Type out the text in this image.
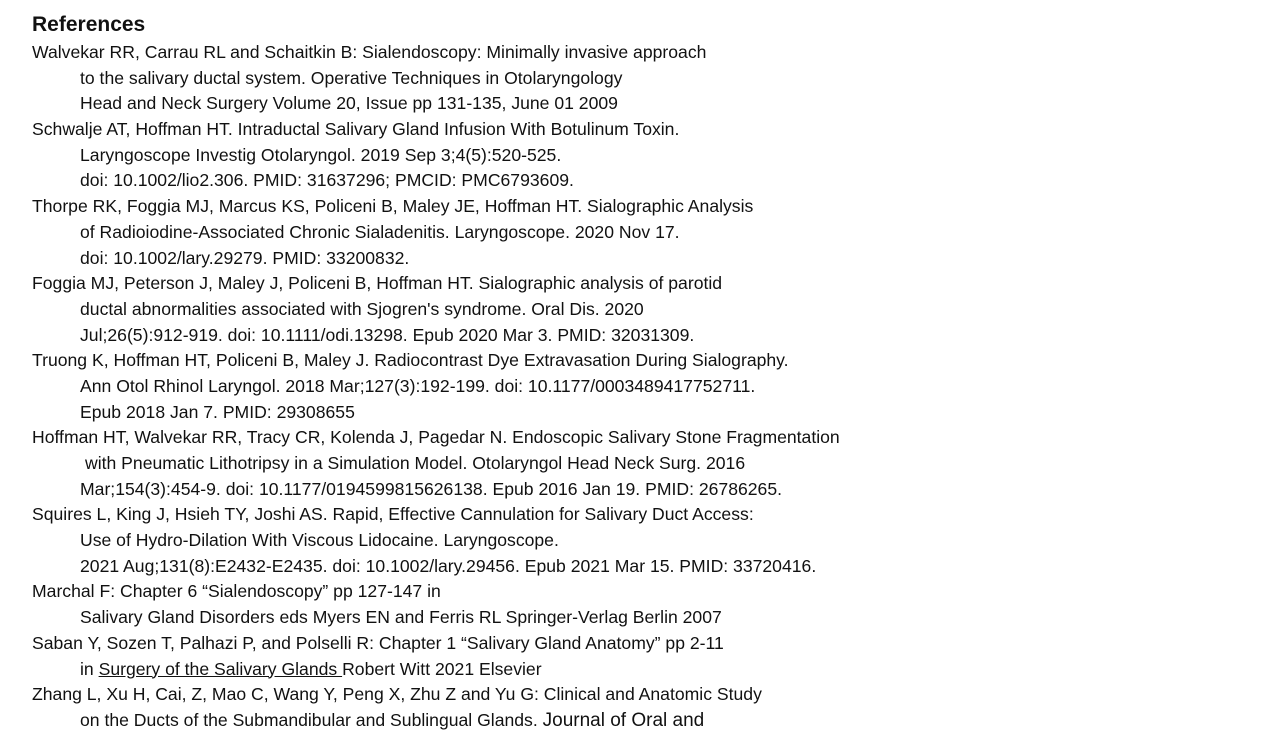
References
Walvekar RR, Carrau RL and Schaitkin B: Sialendoscopy: Minimally invasive approach
to the salivary ductal system. Operative Techniques in Otolaryngology
Head and Neck Surgery Volume 20, Issue pp 131-135, June 01 2009
Schwalje AT, Hoffman HT. Intraductal Salivary Gland Infusion With Botulinum Toxin.
Laryngoscope Investig Otolaryngol. 2019 Sep 3;4(5):520-525.
doi: 10.1002/lio2.306. PMID: 31637296; PMCID: PMC6793609.
Thorpe RK, Foggia MJ, Marcus KS, Policeni B, Maley JE, Hoffman HT. Sialographic Analysis
of Radioiodine-Associated Chronic Sialadenitis. Laryngoscope. 2020 Nov 17.
doi: 10.1002/lary.29279. PMID: 33200832.
Foggia MJ, Peterson J, Maley J, Policeni B, Hoffman HT. Sialographic analysis of parotid
ductal abnormalities associated with Sjogren's syndrome. Oral Dis. 2020
Jul;26(5):912-919. doi: 10.1111/odi.13298. Epub 2020 Mar 3. PMID: 32031309.
Truong K, Hoffman HT, Policeni B, Maley J. Radiocontrast Dye Extravasation During Sialography.
Ann Otol Rhinol Laryngol. 2018 Mar;127(3):192-199. doi: 10.1177/0003489417752711.
Epub 2018 Jan 7. PMID: 29308655
Hoffman HT, Walvekar RR, Tracy CR, Kolenda J, Pagedar N. Endoscopic Salivary Stone Fragmentation
with Pneumatic Lithotripsy in a Simulation Model. Otolaryngol Head Neck Surg. 2016
Mar;154(3):454-9. doi: 10.1177/0194599815626138. Epub 2016 Jan 19. PMID: 26786265.
Squires L, King J, Hsieh TY, Joshi AS. Rapid, Effective Cannulation for Salivary Duct Access:
Use of Hydro-Dilation With Viscous Lidocaine. Laryngoscope.
2021 Aug;131(8):E2432-E2435. doi: 10.1002/lary.29456. Epub 2021 Mar 15. PMID: 33720416.
Marchal F: Chapter 6 “Sialendoscopy” pp 127-147 in
Salivary Gland Disorders eds Myers EN and Ferris RL Springer-Verlag Berlin 2007
Saban Y, Sozen T, Palhazi P, and Polselli R: Chapter 1 “Salivary Gland Anatomy” pp 2-11
in Surgery of the Salivary Glands Robert Witt 2021 Elsevier
Zhang L, Xu H, Cai, Z, Mao C, Wang Y, Peng X, Zhu Z and Yu G: Clinical and Anatomic Study
on the Ducts of the Submandibular and Sublingual Glands. Journal of Oral and
